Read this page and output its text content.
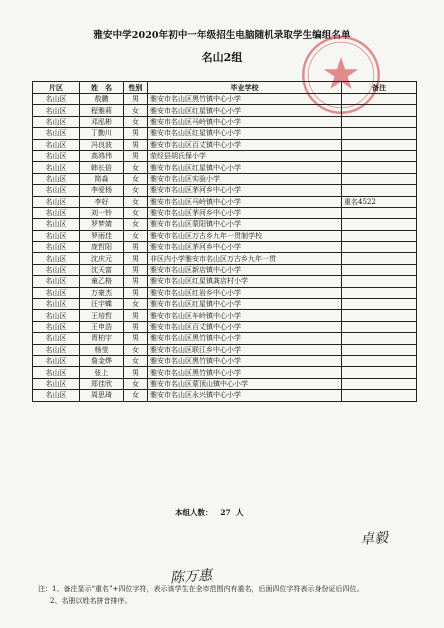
雅安中学2020年初中一年级招生电脑随机录取学生编组名单
名山2组
片区	姓　名	性别	毕业学校	备注
名山区	敖鹏	男	雅安市名山区黑竹镇中心小学	
名山区	程雅莉	女	雅安市名山区红星镇中心小学	
名山区	邓泓彬	女	雅安市名山区马岭镇中心小学	
名山区	丁勤川	男	雅安市名山区红星镇中心小学	
名山区	冯良波	男	雅安市名山区百丈镇中心小学	
名山区	高鸿伟	男	荥经县胡氏保小学	
名山区	韩长倍	女	雅安市名山区红星镇中心小学	
名山区	简淼	女	雅安市名山区实验小学	
名山区	李爱杨	女	雅安市名山区茅河乡中心小学	
名山区	李好	女	雅安市名山区马岭镇中心小学	重名4522
名山区	刘一铃	女	雅安市名山区茅河乡中心小学	
名山区	罗梦婧	女	雅安市名山区蒙阳镇中心小学	
名山区	罗雨佳	女	雅安市名山区万古乡九年一贯制学校	
名山区	庞哲阳	男	雅安市名山区茅河乡中心小学	
名山区	沈庆元	男	非区内小学雅安市名山区万古乡九年一贯	
名山区	沈天富	男	雅安市名山区新店镇中心小学	
名山区	童乙格	男	雅安市名山区红星镇龚店村小学	
名山区	万豪杰	男	雅安市名山区红岩乡中心小学	
名山区	汪宇蝶	女	雅安市名山区红星镇中心小学	
名山区	王培哲	男	雅安市名山区车岭镇中心小学	
名山区	王申浩	男	雅安市名山区百丈镇中心小学	
名山区	胥柏宇	男	雅安市名山区黑竹镇中心小学	
名山区	杨莹	女	雅安市名山区联江乡中心小学	
名山区	詹金烨	女	雅安市名山区黑竹镇中心小学	
名山区	张上	男	雅安市名山区黑竹镇中心小学	
名山区	郑佳欣	女	雅安市名山区蒙顶山镇中心小学	
名山区	周思琦	女	雅安市名山区永兴镇中心小学	
本组人数： 27 人
卓毅
陈万惠
注：1、备注显示“重名”+四位字符，表示该学生在全市范围内有重名，后面四位字符表示身份证后四位。
2、名册以姓名拼音排序。
